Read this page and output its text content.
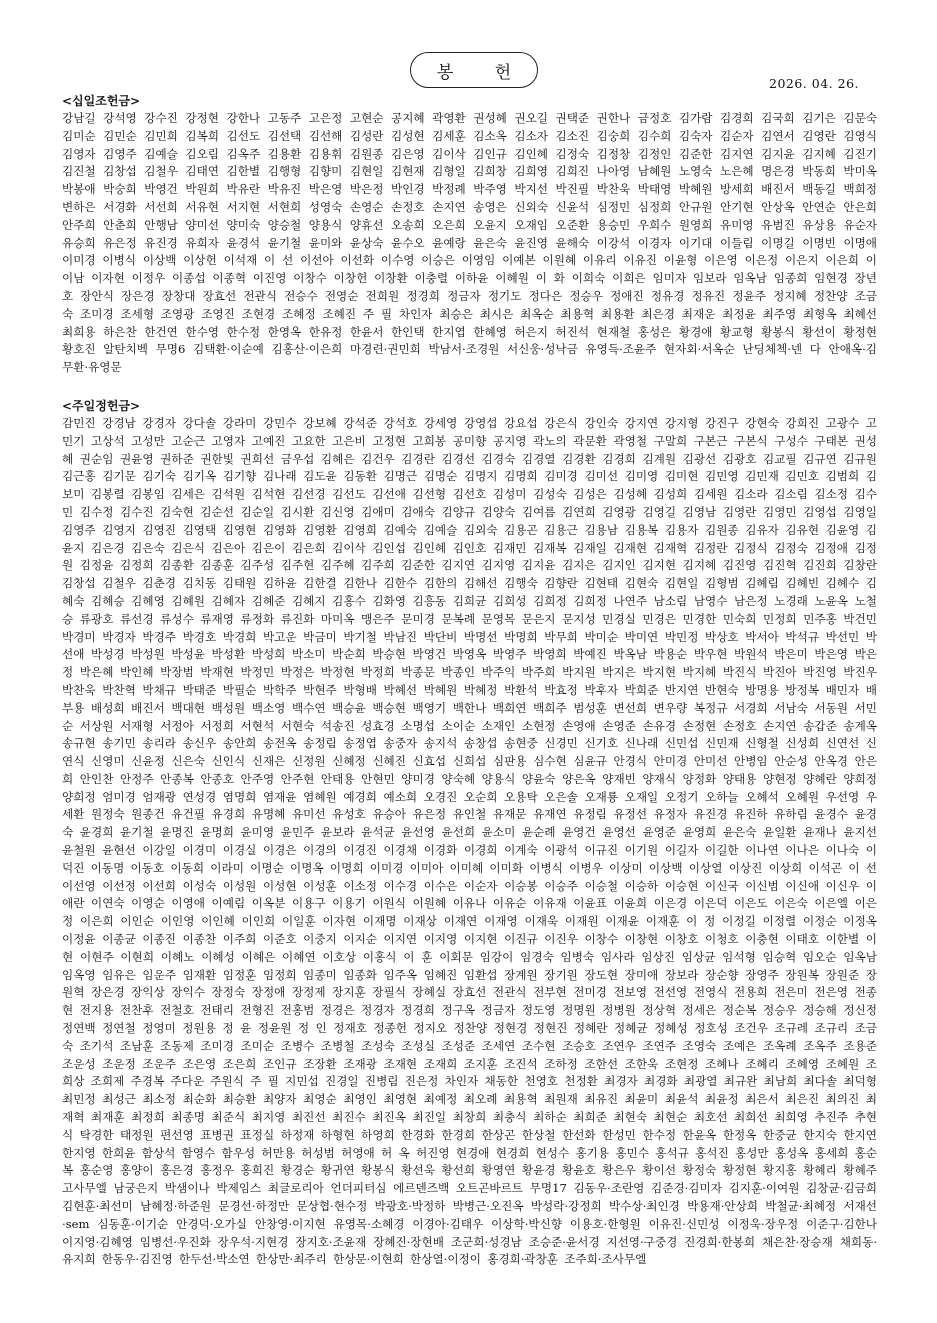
봉 헌
2026. 04. 26.

<십일조헌금>

강남길 강석영 강수진 강정현 강한나 고동주 고은정 고현순 공지혜 곽영환 권성혜 권오길 권택준 권한나 금정호 김가람 김경희 김국희 김기은 김문숙 김미순 김민순 김민희 김복희 김선도 김선택 김선해 김성란 김성현 김세훈 김소옥 김소자 김소진 김숭희 김수희 김숙자 김순자 김연서 김영란 김영식 김영자 김영주 김예슬 김오림 김옥주 김용환 김용휘 김원종 김은영 김이삭 김인규 김인혜 김정숙 김정창 김정인 김준한 김지연 김지윤 김지혜 김진기 김진철 김창섭 김철우 김태연 김한별 김행형 김향미 김현일 김현재 김형일 김희창 김희영 김희진 나아영 남혜원 노영숙 노은혜 명은경 박동희 박미옥 박봉애 박숭희 박영건 박원희 박유란 박유진 박은영 박은정 박인경 박정례 박주영 박지선 박진필 박찬욱 박태영 박혜원 방세희 배진서 백동길 백희정 변하은 서경화 서선희 서유현 서지현 서현희 성영숙 손영순 손정호 손지연 송영은 신외숙 신윤석 심정민 심정희 안규원 안기현 안상옥 안연순 안은희 안주희 안춘희 안행남 양미선 양미숙 양승철 양용식 양휴선 오송희 오은희 오윤지 오재임 오준환 용승민 우희수 원영희 유미영 유범진 유상용 유순자 유승희 유은정 유진경 유희자 윤경석 윤기철 윤미와 윤상숙 윤수오 윤예랑 윤은숙 윤진영 윤해숙 이강석 이경자 이기대 이들림 이명길 이명빈 이명애 이미경 이병식 이상백 이상헌 이석재 이 선 이선아 이선화 이수영 이승은 이영임 이예본 이원혜 이유리 이유진 이윤형 이은영 이은정 이은지 이은희 이이남 이자현 이정우 이종섭 이종혁 이진영 이창수 이창헌 이창환 이충렬 이하윤 이혜원 이 화 이희숙 이희은 임미자 임보라 임옥남 임종희 임현경 장년호 장안식 장은경 장창대 장효선 전관식 전승수 전영순 전희원 정경희 정금자 정기도 정다은 정승우 정애진 정유경 정유진 정윤주 정지혜 정찬양 조금숙 조미경 조세형 조영광 조영진 조현경 조혜정 조혜진 주 필 차인자 최승은 최시은 최옥순 최용혁 최용환 최은경 최재운 최정윤 최주영 최형옥 최혜선 최희용 하은찬 한건연 한수영 한수정 한영옥 한유정 한윤서 한인택 한지엽 한혜영 허은지 허진석 현재철 홍성은 황경애 황교형 황봉식 황선이 황정현 황호진 알탄치벡 무명6 김택환·이순예 김홍산·이은희 마경련·권민희 박남서·조경원 서신웅·성낙금 유영득·조윤주 현자회·서옥순 난딩체첵·넨 다 안애옥·김무환·유영문

<주일정헌금>

감민진 강경남 강경자 강다솔 강라미 강민수 강보혜 강석준 강석호 강세영 강영섭 강요섭 강은식 강인숙 강지연 강지형 강진구 강현숙 강희진 고광수 고민기 고상석 고성만 고순근 고영자 고예진 고요한 고은비 고정현 고희봉 공미향 공지영 곽노의 곽문환 곽영철 구말희 구본근 구본식 구성수 구태본 권성혜 권순임 권윤영 권하준 권한빛 권희선 금우섭 김혜은 김건우 김경란 김경선 김경숙 김경열 김경환 김경희 김계원 김광선 김광호 김교필 김규연 김규원 김근홍 김기문 김기숙 김기옥 김기향 김나래 김도윤 김동환 김명근 김명순 김명지 김명희 김미경 김미선 김미영 김미현 김민영 김민재 김민호 김범희 김보미 김봉렬 김봉임 김세은 김석원 김석현 김선경 김선도 김선애 김선형 김선호 김성미 김성숙 김성은 김성혜 김성희 김세원 김소라 김소림 김소정 김수민 김수정 김수진 김숙현 김순선 김순일 김시환 김신영 김애미 김애숙 김양규 김양숙 김여름 김연희 김영광 김영길 김영남 김영란 김영민 김영섭 김영일 김영주 김영지 김영진 김영택 김영현 김영화 김영환 김영희 김예숙 김예슬 김외숙 김용곤 김용근 김용남 김용복 김용자 김원종 김유자 김유현 김윤영 김윤지 김은경 김은숙 김은식 김은아 김은이 김은희 김이삭 김인섭 김인혜 김인호 김재민 김재복 김재일 김재현 김재혁 김정란 김정식 김정숙 김정애 김정원 김정윤 김정희 김종환 김종훈 김주성 김주현 김주혜 김주희 김준한 김지연 김지영 김지윤 김지은 김지인 김지현 김지혜 김진영 김진혁 김진희 김창란 김창섭 김철우 김춘경 김치동 김태원 김하윤 김한결 김한나 김한수 김한의 김해선 김행숙 김향란 김현태 김현숙 김현일 김형범 김혜림 김혜빈 김혜수 김혜숙 김혜승 김혜영 김혜원 김혜자 김혜준 김혜지 김홍수 김화영 김흥동 김희균 김희성 김희정 김희정 나연주 남소림 남영수 남은정 노경래 노윤옥 노철승 류광호 류선경 류성수 류재영 류정화 류진화 마미옥 맹은주 문미경 문복례 문영목 문은지 문지성 민경실 민경은 민경한 민숙희 민정희 민주홍 박건민 박경미 박경자 박경주 박경호 박경희 박고운 박금미 박기철 박남진 박단비 박명선 박명희 박무희 박미순 박미연 박민정 박상호 박서아 박석규 박선민 박선애 박성경 박성원 박성윤 박성환 박성희 박소미 박순희 박승현 박영건 박영옥 박영주 박영희 박예진 박옥남 박용순 박우현 박원석 박은미 박은영 박은정 박은혜 박인혜 박장범 박재현 박정민 박정은 박정현 박정희 박종문 박종인 박주익 박주희 박지원 박지은 박지현 박지혜 박진식 박진아 박진영 박진우 박찬욱 박찬혁 박채규 박태준 박필순 박학주 박현주 박형배 박혜선 박혜원 박혜정 박환석 박효정 박후자 박희준 반지연 반현숙 방명용 방정복 배민자 배부용 배성희 배진서 백대현 백성원 백소영 백수연 백승윤 백승현 백영기 백한나 백희연 백희주 범성훈 변선희 변우량 복정규 서경희 서남숙 서동원 서민순 서상원 서재형 서정아 서정희 서현석 서현숙 석송진 성효경 소명섭 소이순 소재인 소현정 손영애 손영준 손유경 손정현 손정호 손지연 송갑준 송계옥 송규현 송기민 송리라 송신우 송안희 송전옥 송정림 송정엽 송중자 송지석 송창섭 송현중 신경민 신기호 신나래 신민섭 신민재 신형철 신성희 신연선 신연식 신영미 신윤정 신은숙 신인식 신재은 신정원 신혜정 신혜진 신효섭 신희섭 심판용 심수현 심윤규 안경식 안미경 안미선 안병임 안순성 안옥경 안은희 안인찬 안정주 안종복 안종호 안주영 안주현 안태용 안현민 양미경 양숙혜 양용식 양윤숙 양은옥 양재빈 양재식 양정화 양태용 양현정 양혜란 양희정 양희정 엄미경 엄재광 연성경 염명희 염재윤 염혜원 예경희 예소희 오경진 오순희 오용탁 오은솔 오재룡 오재일 오정기 오하늘 오혜석 오혜원 우선영 우세환 원정숙 원종건 유건필 유경희 유명혜 유미선 유성호 유승아 유은정 유인철 유재문 유재연 유정림 유정선 유정자 유진경 유진하 유하림 윤경수 윤경숙 윤경희 윤기철 윤명진 윤명희 윤미영 윤민주 윤보라 윤석균 윤선영 윤선희 윤소미 윤순례 윤영건 윤영선 윤영준 윤영희 윤은숙 윤일환 윤재나 윤지선 윤철원 윤현선 이강일 이경미 이경실 이경은 이경의 이경진 이경채 이경화 이경희 이계숙 이광석 이규진 이기원 이길자 이길한 이나연 이나은 이나숙 이덕진 이동명 이동호 이동희 이라미 이명순 이명옥 이명희 이미경 이미아 이미혜 이미화 이병식 이병우 이상미 이상백 이상열 이상진 이상희 이석곤 이 선 이선영 이선정 이선희 이성숙 이성원 이성현 이성훈 이소정 이수경 이수은 이순자 이승봉 이승주 이승철 이승하 이승현 이신국 이신범 이신애 이신우 이애란 이연숙 이영순 이영애 이예림 이옥분 이용구 이용기 이원식 이원혜 이유나 이유순 이유재 이윤표 이윤희 이은경 이은덕 이은도 이은숙 이은엘 이은정 이은희 이인순 이인영 이인혜 이인희 이일훈 이자현 이재명 이재상 이재연 이재영 이재욱 이재원 이재윤 이재훈 이 정 이정길 이정렬 이정순 이정옥 이정윤 이종균 이종진 이종찬 이주희 이준호 이중지 이지순 이지연 이지영 이지현 이진규 이진우 이창수 이창현 이창호 이청호 이충현 이태호 이한별 이 현 이현주 이현희 이혜노 이혜성 이혜은 이혜연 이호상 이홍식 이 훈 이회문 임강이 임경숙 임병숙 임사라 임상진 임상균 임석형 임승혁 임오순 임옥남 임옥영 임유은 임운주 임재환 임정훈 임정희 임종미 임종화 임주옥 임혜진 임환섭 장계원 장기원 장도현 장미애 장보라 장순향 장영주 장원복 장원준 장원혁 장은경 장익상 장익수 장정숙 장정애 장정제 장지훈 장필식 장혜실 장효선 전관식 전부현 전미경 전보영 전선영 전영식 전용희 전은미 전은영 전종현 전지용 전찬후 전철호 전태리 전형진 전홍범 정경은 정경자 정경희 정구옥 정금자 정도영 정명원 정병원 정상혁 정세은 정순복 정승우 정승해 정신정 정연백 정연철 정영미 정원용 정 윤 정윤원 정 인 정재호 정종헌 정지오 정찬양 정현경 정현진 정혜란 정혜균 정혜성 정호성 조건우 조규레 조규리 조금숙 조기석 조남훈 조동제 조미경 조미순 조병수 조병철 조성숙 조성실 조성준 조세연 조수현 조승호 조연우 조연주 조영숙 조예은 조옥례 조옥주 조용준 조운성 조운정 조운주 조은영 조은희 조인규 조장환 조재광 조재현 조재희 조지훈 조진석 조하정 조한선 조한욱 조현정 조혜나 조혜리 조혜영 조혜원 조희상 조희제 주경복 주다운 주원식 주 필 지민섭 진경일 진병림 진은정 차인자 채동한 천영호 천정환 최경자 최경화 최광열 최규완 최남희 최다솔 최덕형 최민정 최성근 최소정 최순화 최승환 최양자 최영순 최영인 최영현 최예정 최오례 최용혁 최원재 최유진 최윤미 최윤석 최윤정 최은서 최은진 최의진 최재혁 최재훈 최정희 최종명 최준식 최지영 최진선 최진수 최진옥 최진일 최창희 최충식 최하순 최희준 최현숙 최현순 최호선 최희선 최희영 추진주 추현식 탁경한 태정원 편선영 표병권 표정실 하정재 하형현 하영희 한경화 한경희 한상곤 한상철 한선화 한성민 한수정 한윤옥 한정옥 한중균 한지숙 한지연 한지영 한희윤 함상석 함영수 함우성 허만용 허성범 허영애 허 옥 허진영 현경애 현경희 현성수 홍기용 홍민수 홍석규 홍석진 홍성만 홍성옥 홍세희 홍순복 홍순영 홍양이 홍은경 홍정우 홍희진 황경순 황귀연 황봉식 황선욱 황선희 황영연 황윤경 황윤호 황은우 황이선 황정숙 황정현 황지홍 황혜리 황혜주 고사무엘 남궁은지 박샘이나 박제임스 최글로리아 언더피터심 에르덴즈백 오트곤바르트 무명17 김동우·조란영 김준경·김미자 김지훈·이여원 김창균·김금희 김현훈·최선미 남혜정·하준원 문경선·하정만 문상협·현수정 박광호·박정하 박병근·오진옥 박성락·강정희 박수상·최인경 박용재·안상희 박철균·최혜정 서재선·sem 심동훈·이기순 안경덕·오가실 안창영·이지현 유영목·소혜경 이경아·김태우 이상학·박신향 이용호·한형원 이유진·신민성 이정욱·장우정 이준구·김한나 이지영·김혜영 임병선·우진화 장우석·지현경 장지호·조윤재 장혜진·장현배 조군희·성경남 조승준·윤서경 지선영·구중경 진경희·한봉희 채은찬·장승재 채희동·유지희 한동우·김진영 한두선·박소연 한상만·최주리 한상문·이현희 한상열·이정이 홍경희·곽창훈 조주희·조사무엘
